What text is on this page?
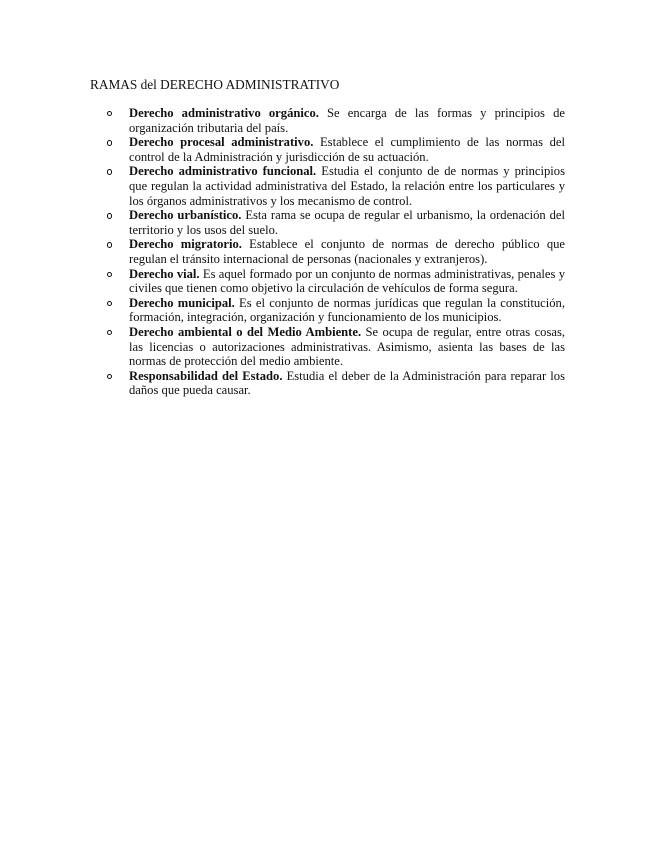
RAMAS del DERECHO ADMINISTRATIVO
Derecho administrativo orgánico. Se encarga de las formas y principios de organización tributaria del país.
Derecho procesal administrativo. Establece el cumplimiento de las normas del control de la Administración y jurisdicción de su actuación.
Derecho administrativo funcional. Estudia el conjunto de de normas y principios que regulan la actividad administrativa del Estado, la relación entre los particulares y los órganos administrativos y los mecanismo de control.
Derecho urbanístico. Esta rama se ocupa de regular el urbanismo, la ordenación del territorio y los usos del suelo.
Derecho migratorio. Establece el conjunto de normas de derecho público que regulan el tránsito internacional de personas (nacionales y extranjeros).
Derecho vial. Es aquel formado por un conjunto de normas administrativas, penales y civiles que tienen como objetivo la circulación de vehículos de forma segura.
Derecho municipal. Es el conjunto de normas jurídicas que regulan la constitución, formación, integración, organización y funcionamiento de los municipios.
Derecho ambiental o del Medio Ambiente. Se ocupa de regular, entre otras cosas, las licencias o autorizaciones administrativas. Asimismo, asienta las bases de las normas de protección del medio ambiente.
Responsabilidad del Estado. Estudia el deber de la Administración para reparar los daños que pueda causar.
